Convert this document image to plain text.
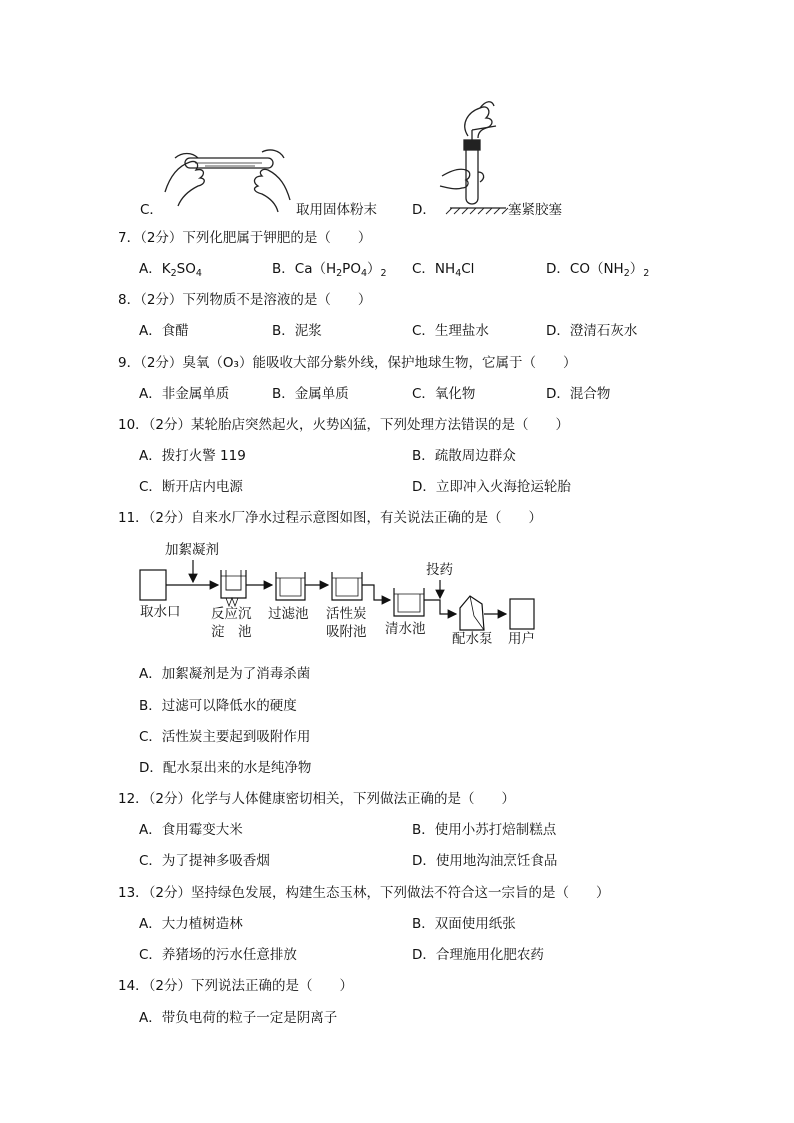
C．	取用固体粉末	D．	塞紧胶塞
7．（2分）下列化肥属于钾肥的是（　　）
A．$K_2SO_4$	B．$Ca(H_2PO_4)_2$ C．$NH_4Cl$	D．$CO(NH_2)_2$
8．（2分）下列物质不是溶液的是（　　）
A．食醋	B．泥浆	C．生理盐水	D．澄清石灰水
9．（2分）臭氧（O₃）能吸收大部分紫外线，保护地球生物，它属于（　　）
A．非金属单质	B．金属单质	C．氧化物	D．混合物
10．（2分）某轮胎店突然起火，火势凶猛，下列处理方法错误的是（　　）
A．拨打火警 119	B．疏散周边群众
C．断开店内电源	D．立即冲入火海抢运轮胎
11．（2分）自来水厂净水过程示意图如图，有关说法正确的是（　　）
加絮凝剂
投药
取水口 反应沉
淀　池
过滤池 活性炭
吸附池 清水池
配水泵 用户
A．加絮凝剂是为了消毒杀菌
B．过滤可以降低水的硬度
C．活性炭主要起到吸附作用
D．配水泵出来的水是纯净物
12．（2分）化学与人体健康密切相关，下列做法正确的是（　　）
A．食用霉变大米	B．使用小苏打焙制糕点
C．为了提神多吸香烟	D．使用地沟油烹饪食品
13．（2分）坚持绿色发展，构建生态玉林，下列做法不符合这一宗旨的是（　　）
A．大力植树造林	B．双面使用纸张
C．养猪场的污水任意排放	D．合理施用化肥农药
14．（2分）下列说法正确的是（　　）
A．带负电荷的粒子一定是阴离子
